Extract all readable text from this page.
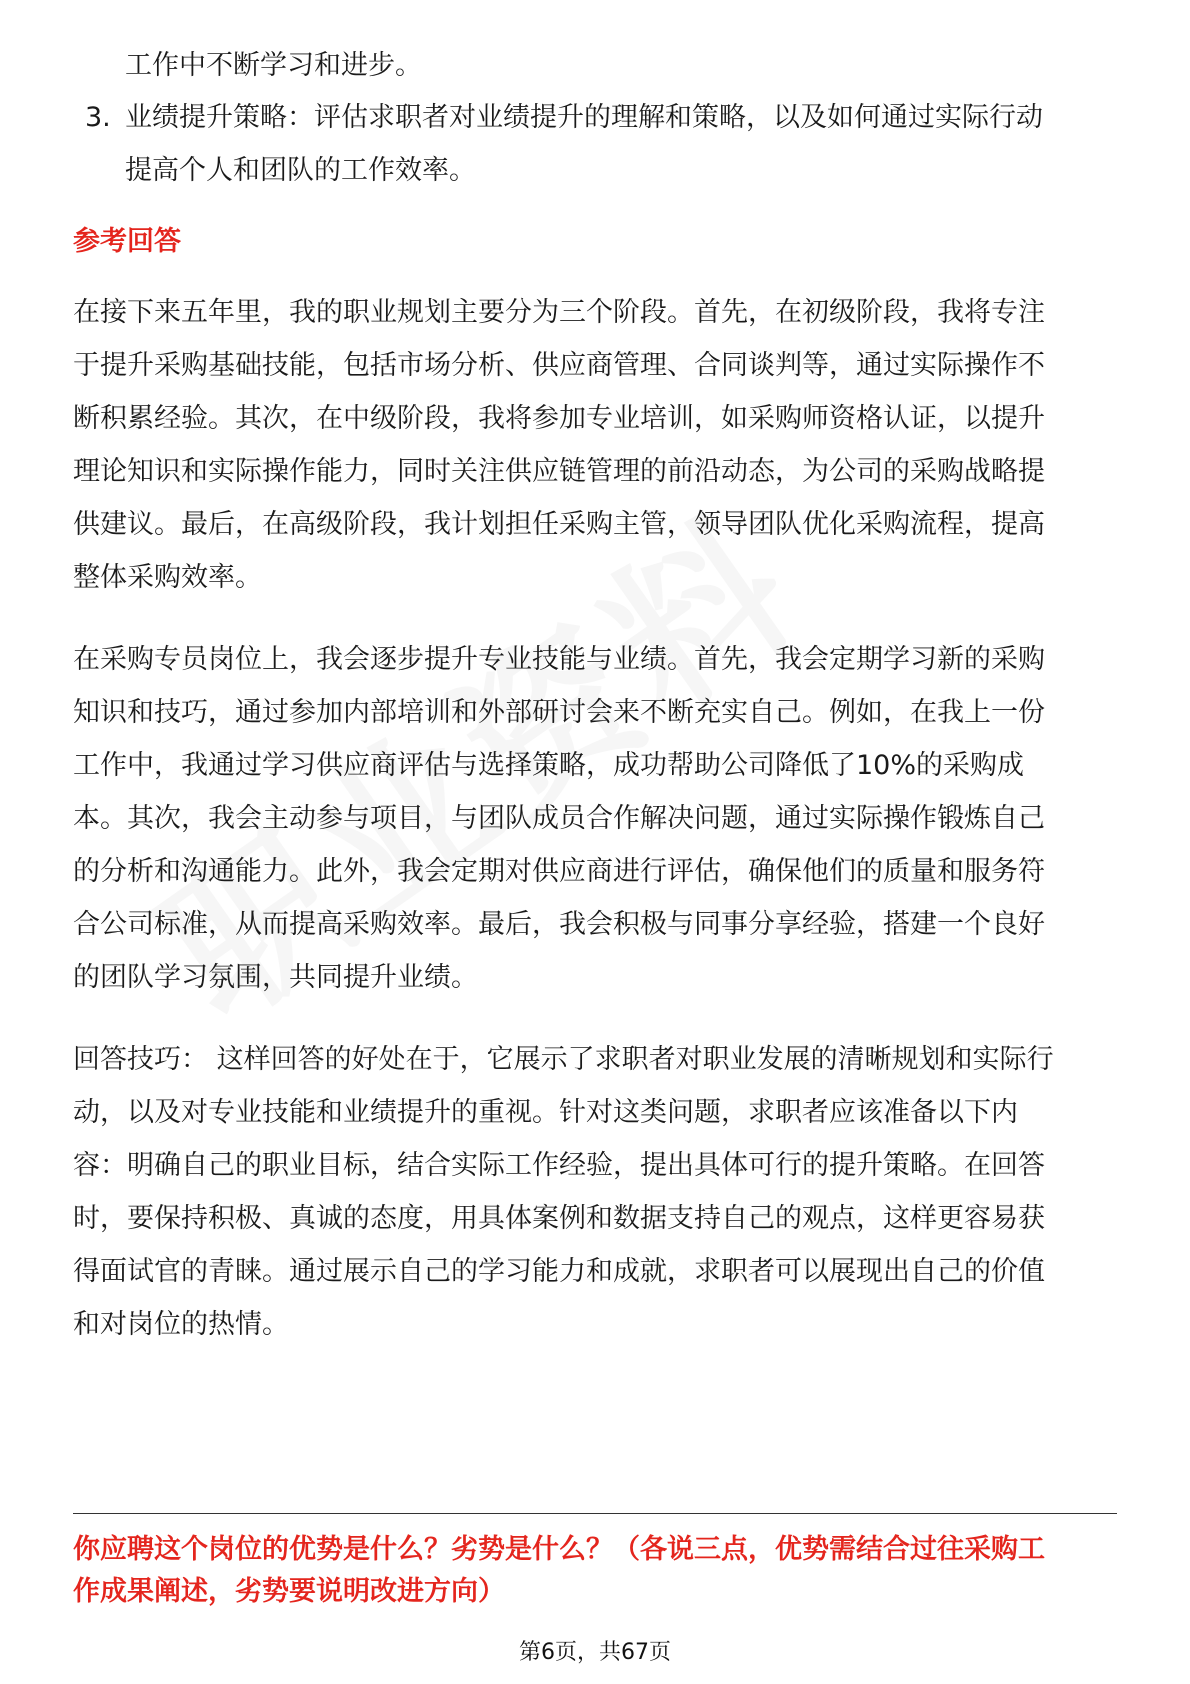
工作中不断学习和进步。
3. 业绩提升策略：评估求职者对业绩提升的理解和策略，以及如何通过实际行动
提高个人和团队的工作效率。
参考回答
在接下来五年里，我的职业规划主要分为三个阶段。首先，在初级阶段，我将专注
于提升采购基础技能，包括市场分析、供应商管理、合同谈判等，通过实际操作不
断积累经验。其次，在中级阶段，我将参加专业培训，如采购师资格认证，以提升
理论知识和实际操作能力，同时关注供应链管理的前沿动态，为公司的采购战略提
供建议。最后，在高级阶段，我计划担任采购主管，领导团队优化采购流程，提高
整体采购效率。
在采购专员岗位上，我会逐步提升专业技能与业绩。首先，我会定期学习新的采购
知识和技巧，通过参加内部培训和外部研讨会来不断充实自己。例如，在我上一份
工作中，我通过学习供应商评估与选择策略，成功帮助公司降低了10%的采购成
本。其次，我会主动参与项目，与团队成员合作解决问题，通过实际操作锻炼自己
的分析和沟通能力。此外，我会定期对供应商进行评估，确保他们的质量和服务符
合公司标准，从而提高采购效率。最后，我会积极与同事分享经验，搭建一个良好
的团队学习氛围，共同提升业绩。
回答技巧： 这样回答的好处在于，它展示了求职者对职业发展的清晰规划和实际行
动，以及对专业技能和业绩提升的重视。针对这类问题，求职者应该准备以下内
容：明确自己的职业目标，结合实际工作经验，提出具体可行的提升策略。在回答
时，要保持积极、真诚的态度，用具体案例和数据支持自己的观点，这样更容易获
得面试官的青睐。通过展示自己的学习能力和成就，求职者可以展现出自己的价值
和对岗位的热情。
你应聘这个岗位的优势是什么？劣势是什么？（各说三点，优势需结合过往采购工
作成果阐述，劣势要说明改进方向）
第6页，共67页
